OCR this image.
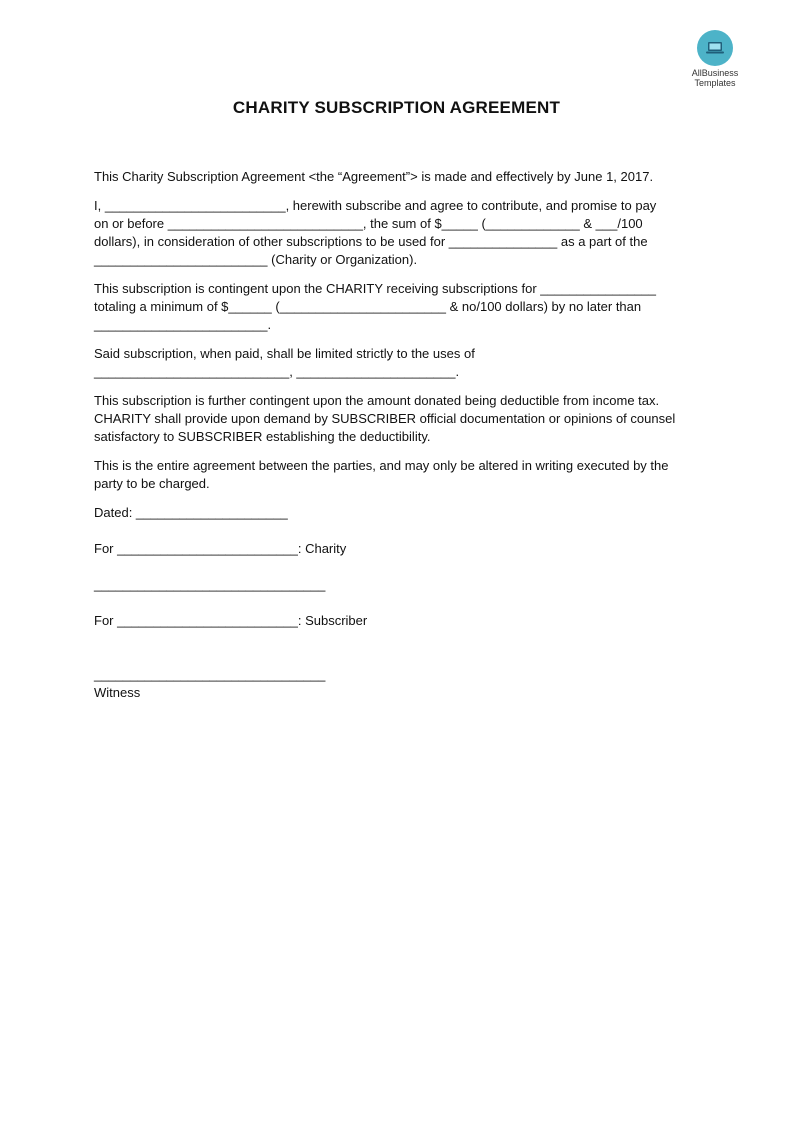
AllBusiness
Templates
CHARITY SUBSCRIPTION AGREEMENT

This Charity Subscription Agreement <the “Agreement”> is made and effectively by June 1, 2017.

I, _________________________, herewith subscribe and agree to contribute, and promise to pay
on or before ___________________________, the sum of $_____ (_____________ & ___/100
dollars), in consideration of other subscriptions to be used for _______________ as a part of the
________________________ (Charity or Organization).

This subscription is contingent upon the CHARITY receiving subscriptions for ________________
totaling a minimum of $______ (_______________________ & no/100 dollars) by no later than
________________________.

Said subscription, when paid, shall be limited strictly to the uses of
___________________________, ______________________.

This subscription is further contingent upon the amount donated being deductible from income tax.
CHARITY shall provide upon demand by SUBSCRIBER official documentation or opinions of counsel
satisfactory to SUBSCRIBER establishing the deductibility.

This is the entire agreement between the parties, and may only be altered in writing executed by the
party to be charged.

Dated: _____________________

For _________________________: Charity

________________________________

For _________________________: Subscriber

________________________________

Witness
